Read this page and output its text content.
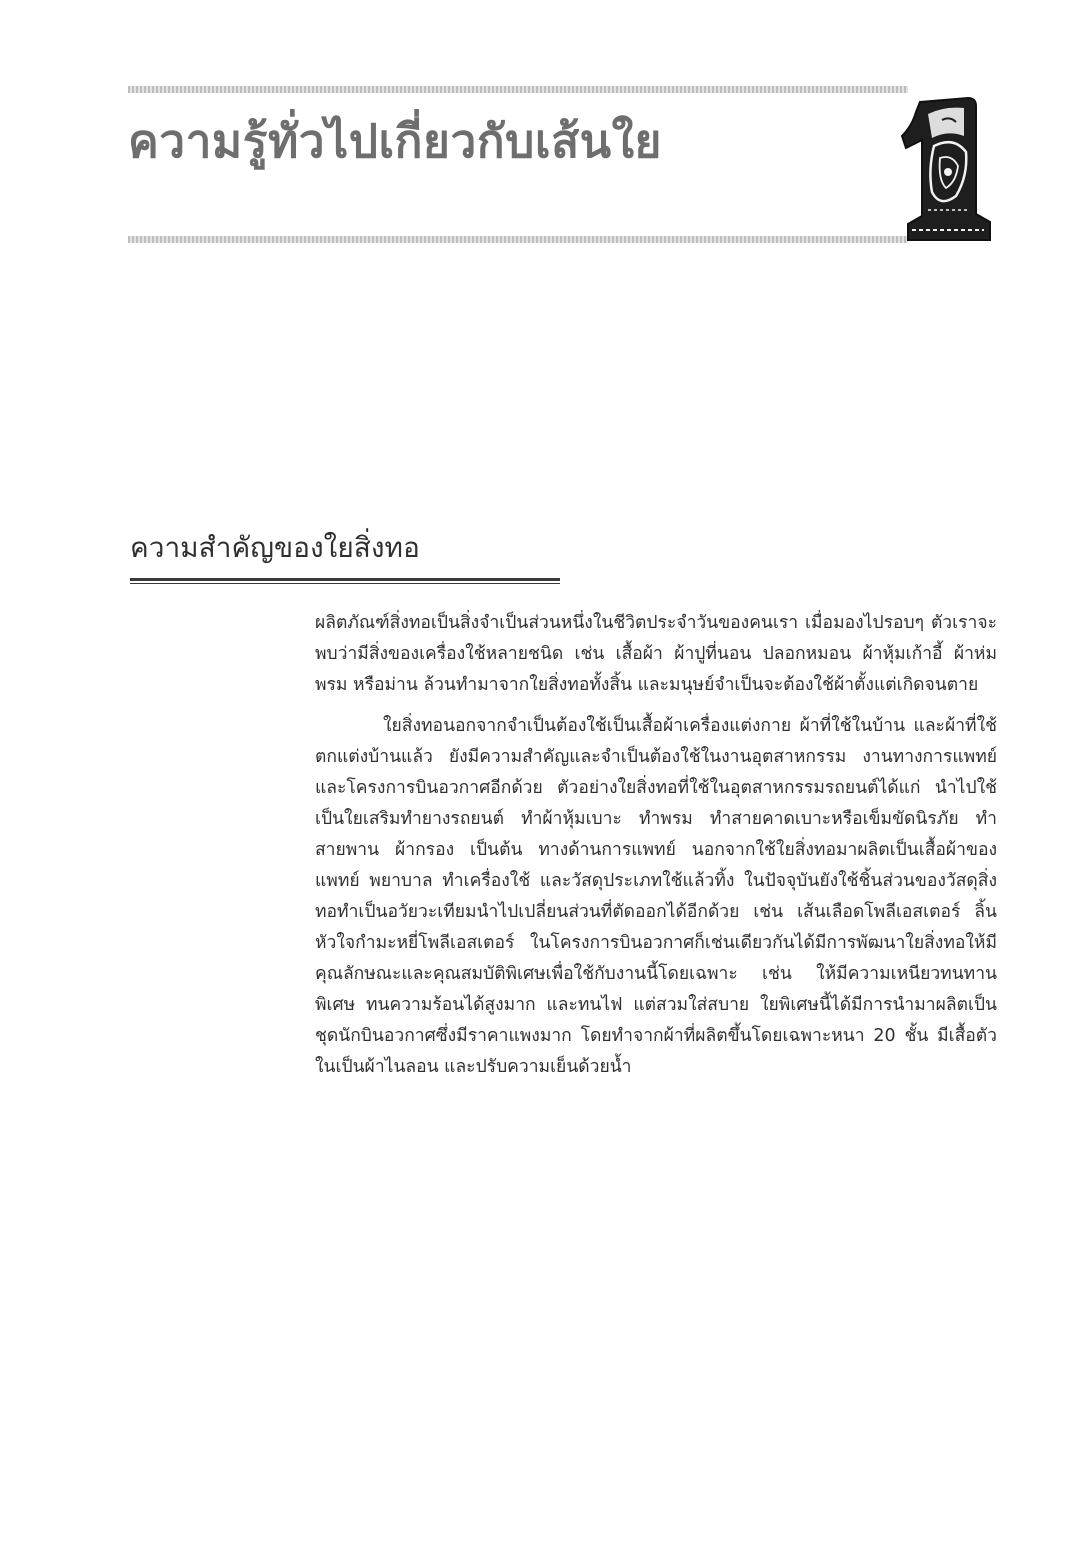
ความรู้ทั่วไปเกี่ยวกับเส้นใย
ความสำคัญของใยสิ่งทอ

ผลิตภัณฑ์สิ่งทอเป็นสิ่งจำเป็นส่วนหนึ่งในชีวิตประจำวันของคนเรา เมื่อมองไปรอบๆ ตัวเราจะพบว่ามีสิ่งของเครื่องใช้หลายชนิด เช่น เสื้อผ้า ผ้าปูที่นอน ปลอกหมอน ผ้าหุ้มเก้าอี้ ผ้าห่ม พรม หรือม่าน ล้วนทำมาจากใยสิ่งทอทั้งสิ้น และมนุษย์จำเป็นจะต้องใช้ผ้าตั้งแต่เกิดจนตาย

ใยสิ่งทอนอกจากจำเป็นต้องใช้เป็นเสื้อผ้าเครื่องแต่งกาย ผ้าที่ใช้ในบ้าน และผ้าที่ใช้ตกแต่งบ้านแล้ว ยังมีความสำคัญและจำเป็นต้องใช้ในงานอุตสาหกรรม งานทางการแพทย์ และโครงการบินอวกาศอีกด้วย ตัวอย่างใยสิ่งทอที่ใช้ในอุตสาหกรรมรถยนต์ได้แก่ นำไปใช้เป็นใยเสริมทำยางรถยนต์ ทำผ้าหุ้มเบาะ ทำพรม ทำสายคาดเบาะหรือเข็มขัดนิรภัย ทำสายพาน ผ้ากรอง เป็นต้น ทางด้านการแพทย์ นอกจากใช้ใยสิ่งทอมาผลิตเป็นเสื้อผ้าของแพทย์ พยาบาล ทำเครื่องใช้ และวัสดุประเภทใช้แล้วทิ้ง ในปัจจุบันยังใช้ชิ้นส่วนของวัสดุสิ่งทอทำเป็นอวัยวะเทียมนำไปเปลี่ยนส่วนที่ตัดออกได้อีกด้วย เช่น เส้นเลือดโพลีเอสเตอร์ ลิ้นหัวใจกำมะหยี่โพลีเอสเตอร์ ในโครงการบินอวกาศก็เช่นเดียวกันได้มีการพัฒนาใยสิ่งทอให้มีคุณลักษณะและคุณสมบัติพิเศษเพื่อใช้กับงานนี้โดยเฉพาะ เช่น ให้มีความเหนียวทนทานพิเศษ ทนความร้อนได้สูงมาก และทนไฟ แต่สวมใส่สบาย ใยพิเศษนี้ได้มีการนำมาผลิตเป็นชุดนักบินอวกาศซึ่งมีราคาแพงมาก โดยทำจากผ้าที่ผลิตขึ้นโดยเฉพาะหนา 20 ชั้น มีเสื้อตัวในเป็นผ้าไนลอน และปรับความเย็นด้วยน้ำ
